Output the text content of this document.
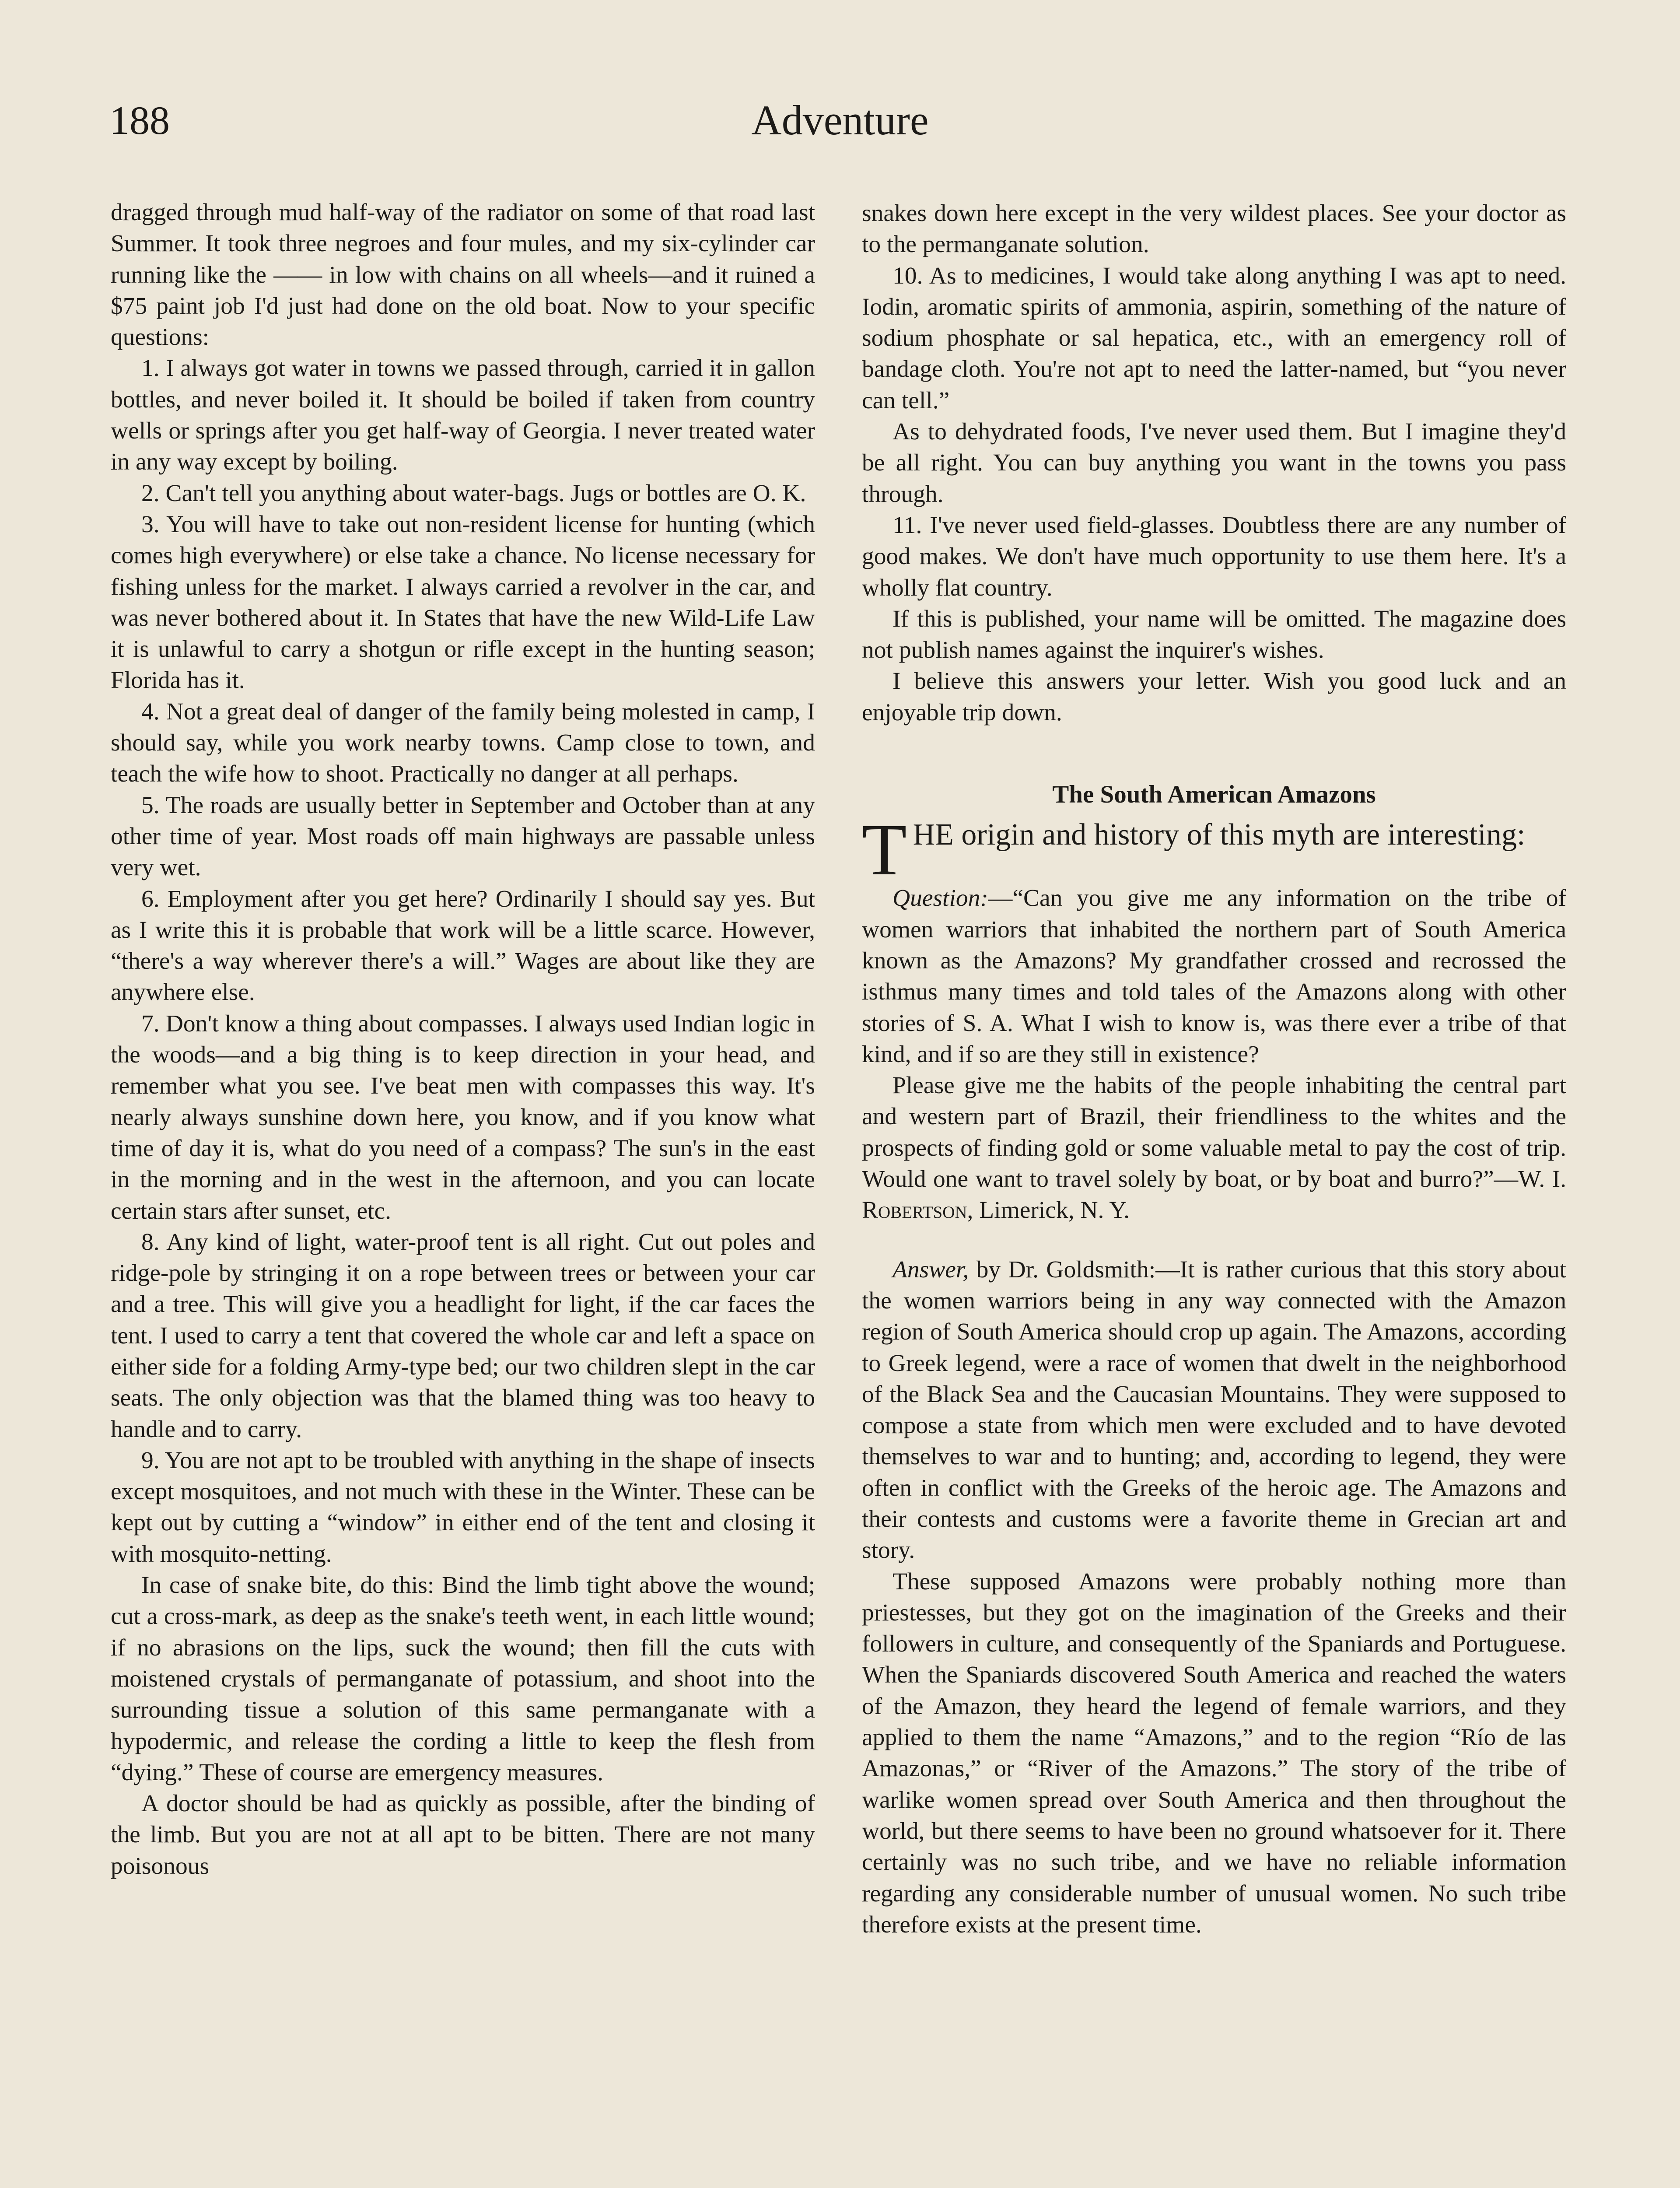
188	Adventure

dragged through mud half-way of the radiator on some of that road last Summer. It took three negroes and four mules, and my six-cylinder car running like the —— in low with chains on all wheels—and it ruined a $75 paint job I'd just had done on the old boat. Now to your specific questions:

1. I always got water in towns we passed through, carried it in gallon bottles, and never boiled it. It should be boiled if taken from country wells or springs after you get half-way of Georgia. I never treated water in any way except by boiling.

2. Can't tell you anything about water-bags. Jugs or bottles are O. K.

3. You will have to take out non-resident license for hunting (which comes high everywhere) or else take a chance. No license necessary for fishing unless for the market. I always carried a revolver in the car, and was never bothered about it. In States that have the new Wild-Life Law it is unlawful to carry a shotgun or rifle except in the hunting season; Florida has it.

4. Not a great deal of danger of the family being molested in camp, I should say, while you work nearby towns. Camp close to town, and teach the wife how to shoot. Practically no danger at all perhaps.

5. The roads are usually better in September and October than at any other time of year. Most roads off main highways are passable unless very wet.

6. Employment after you get here? Ordinarily I should say yes. But as I write this it is probable that work will be a little scarce. However, “there's a way wherever there's a will.” Wages are about like they are anywhere else.

7. Don't know a thing about compasses. I always used Indian logic in the woods—and a big thing is to keep direction in your head, and remember what you see. I've beat men with compasses this way. It's nearly always sunshine down here, you know, and if you know what time of day it is, what do you need of a compass? The sun's in the east in the morning and in the west in the afternoon, and you can locate certain stars after sunset, etc.

8. Any kind of light, water-proof tent is all right. Cut out poles and ridge-pole by stringing it on a rope between trees or between your car and a tree. This will give you a headlight for light, if the car faces the tent. I used to carry a tent that covered the whole car and left a space on either side for a folding Army-type bed; our two children slept in the car seats. The only objection was that the blamed thing was too heavy to handle and to carry.

9. You are not apt to be troubled with anything in the shape of insects except mosquitoes, and not much with these in the Winter. These can be kept out by cutting a “window” in either end of the tent and closing it with mosquito-netting.

In case of snake bite, do this: Bind the limb tight above the wound; cut a cross-mark, as deep as the snake's teeth went, in each little wound; if no abrasions on the lips, suck the wound; then fill the cuts with moistened crystals of permanganate of potassium, and shoot into the surrounding tissue a solution of this same permanganate with a hypodermic, and release the cording a little to keep the flesh from “dying.” These of course are emergency measures.

A doctor should be had as quickly as possible, after the binding of the limb. But you are not at all apt to be bitten. There are not many poisonous

snakes down here except in the very wildest places. See your doctor as to the permanganate solution.

10. As to medicines, I would take along anything I was apt to need. Iodin, aromatic spirits of ammonia, aspirin, something of the nature of sodium phosphate or sal hepatica, etc., with an emergency roll of bandage cloth. You're not apt to need the latter-named, but “you never can tell.”

As to dehydrated foods, I've never used them. But I imagine they'd be all right. You can buy anything you want in the towns you pass through.

11. I've never used field-glasses. Doubtless there are any number of good makes. We don't have much opportunity to use them here. It's a wholly flat country.

If this is published, your name will be omitted. The magazine does not publish names against the inquirer's wishes.

I believe this answers your letter. Wish you good luck and an enjoyable trip down.

The South American Amazons

THE origin and history of this myth are interesting:

Question:—“Can you give me any information on the tribe of women warriors that inhabited the northern part of South America known as the Amazons? My grandfather crossed and recrossed the isthmus many times and told tales of the Amazons along with other stories of S. A. What I wish to know is, was there ever a tribe of that kind, and if so are they still in existence?

Please give me the habits of the people inhabiting the central part and western part of Brazil, their friendliness to the whites and the prospects of finding gold or some valuable metal to pay the cost of trip. Would one want to travel solely by boat, or by boat and burro?”—W. I. Robertson, Limerick, N. Y.

Answer, by Dr. Goldsmith:—It is rather curious that this story about the women warriors being in any way connected with the Amazon region of South America should crop up again. The Amazons, according to Greek legend, were a race of women that dwelt in the neighborhood of the Black Sea and the Caucasian Mountains. They were supposed to compose a state from which men were excluded and to have devoted themselves to war and to hunting; and, according to legend, they were often in conflict with the Greeks of the heroic age. The Amazons and their contests and customs were a favorite theme in Grecian art and story.

These supposed Amazons were probably nothing more than priestesses, but they got on the imagination of the Greeks and their followers in culture, and consequently of the Spaniards and Portuguese. When the Spaniards discovered South America and reached the waters of the Amazon, they heard the legend of female warriors, and they applied to them the name “Amazons,” and to the region “Río de las Amazonas,” or “River of the Amazons.” The story of the tribe of warlike women spread over South America and then throughout the world, but there seems to have been no ground whatsoever for it. There certainly was no such tribe, and we have no reliable information regarding any considerable number of unusual women. No such tribe therefore exists at the present time.
